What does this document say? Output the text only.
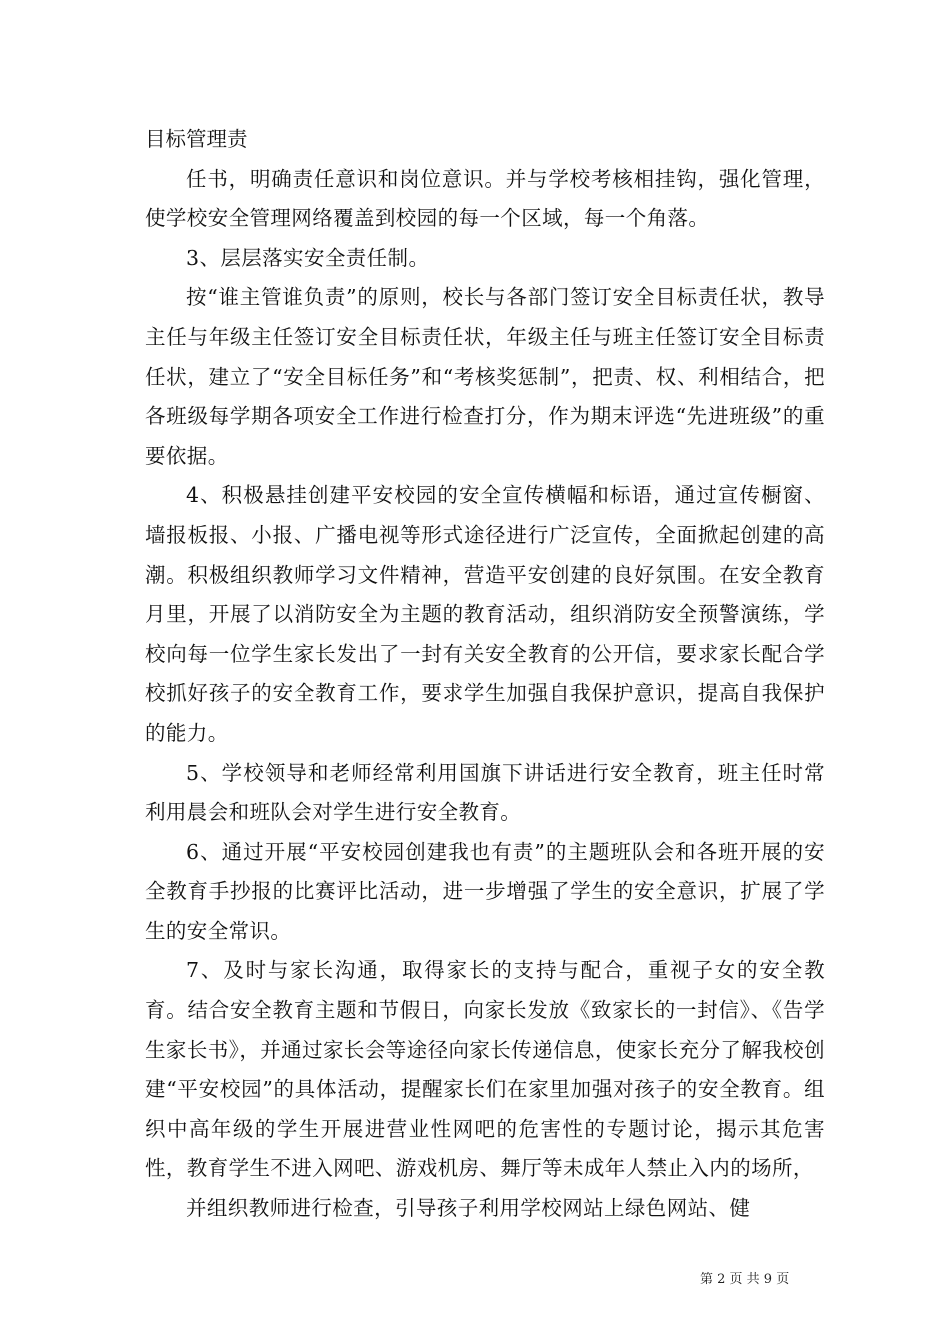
目标管理责

任书，明确责任意识和岗位意识。并与学校考核相挂钩，强化管理，使学校安全管理网络覆盖到校园的每一个区域，每一个角落。

3、层层落实安全责任制。

按“谁主管谁负责”的原则，校长与各部门签订安全目标责任状，教导主任与年级主任签订安全目标责任状，年级主任与班主任签订安全目标责任状，建立了“安全目标任务”和“考核奖惩制”，把责、权、利相结合，把各班级每学期各项安全工作进行检查打分，作为期末评选“先进班级”的重要依据。

4、积极悬挂创建平安校园的安全宣传横幅和标语，通过宣传橱窗、墙报板报、小报、广播电视等形式途径进行广泛宣传，全面掀起创建的高潮。积极组织教师学习文件精神，营造平安创建的良好氛围。在安全教育月里，开展了以消防安全为主题的教育活动，组织消防安全预警演练，学校向每一位学生家长发出了一封有关安全教育的公开信，要求家长配合学校抓好孩子的安全教育工作，要求学生加强自我保护意识，提高自我保护的能力。

5、学校领导和老师经常利用国旗下讲话进行安全教育，班主任时常利用晨会和班队会对学生进行安全教育。

6、通过开展“平安校园创建我也有责”的主题班队会和各班开展的安全教育手抄报的比赛评比活动，进一步增强了学生的安全意识，扩展了学生的安全常识。

7、及时与家长沟通，取得家长的支持与配合，重视子女的安全教育。结合安全教育主题和节假日，向家长发放《致家长的一封信》、《告学生家长书》，并通过家长会等途径向家长传递信息，使家长充分了解我校创建“平安校园”的具体活动，提醒家长们在家里加强对孩子的安全教育。组织中高年级的学生开展进营业性网吧的危害性的专题讨论，揭示其危害性，教育学生不进入网吧、游戏机房、舞厅等未成年人禁止入内的场所，

并组织教师进行检查，引导孩子利用学校网站上绿色网站、健

第 2 页 共 9 页
